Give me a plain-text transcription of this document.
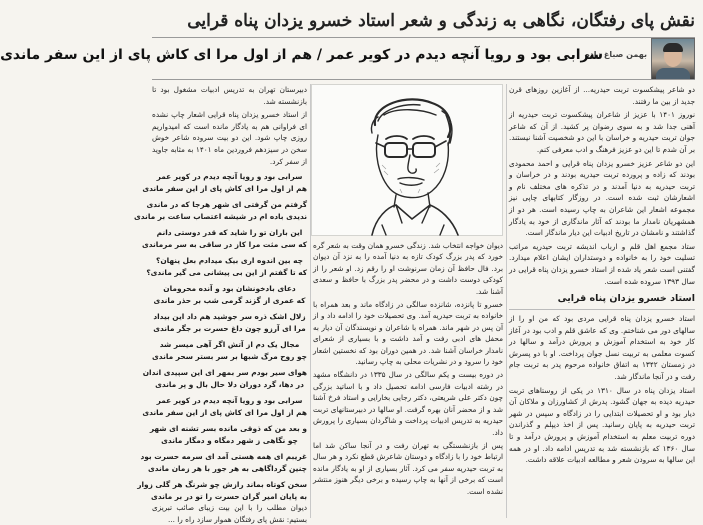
نقش پای رفتگان، نگاهی به زندگی و شعر استاد خسرو یزدان پناه قرایی
بهمن صباغ زاده
سرابی بود و رویا آنچه دیدم در کویر عمر / هم از اول مرا ای کاش پای از این سفر ماندی

دو شاعر پیشکسوت تربت حیدریه... از آغازین روزهای قرن جدید از بین ما رفتند.

نوروز ۱۴۰۱ با عزیز از شاعران پیشکسوت تربت حیدریه از آهنی جدا شد و به سوی رضوان پر کشید. از آن که شاعر جوان تربت حیدریه و خراسان با این دو شخصیت آشنا نیستند. بر آن شدم تا این دو عزیز فرهنگ و ادب معرفی کنم.

این دو شاعر عزیز خسرو یزدان پناه قرایی و احمد محمودی بودند که زاده و پرورده تربت حیدریه بودند و در خراسان و تربت حیدریه به دنیا آمدند و در تذکره های مختلف نام و اشعارشان ثبت شده است. در روزگار کتابهای چاپی نیز مجموعه اشعار این شاعران به چاپ رسیده است. هر دو از همشهریان نامدار ما بودند که آثار ماندگاری از خود به یادگار گذاشتند و نامشان در تاریخ ادبیات این دیار ماندگار است.

ستاد مجمع اهل قلم و ارباب اندیشه تربت حیدریه مراتب تسلیت خود را به خانواده و دوستداران ایشان اعلام میدارد. گفتنی است شعر یاد شده از استاد خسرو یزدان پناه قرایی در سال ۱۳۹۳ سروده شده است.

استاد خسرو یزدان پناه قرایی

استاد خسرو یزدان پناه قرایی مردی بود که من او را از سالهای دور می شناختم. وی که عاشق قلم و ادب بود در آغاز کار خود به استخدام آموزش و پرورش درآمد و سالها در کسوت معلمی به تربیت نسل جوان پرداخت. او با دو پسرش در زمستان ۱۳۴۲ به اتفاق خانواده مرحوم پدر به تربت جام رفت و در آنجا ماندگار شد.

استاد یزدان پناه در سال ۱۳۱۰ در یکی از روستاهای تربت حیدریه دیده به جهان گشود. پدرش از کشاورزان و ملاکان آن دیار بود و او تحصیلات ابتدایی را در زادگاه و سپس در شهر تربت حیدریه به پایان رسانید. پس از اخذ دیپلم و گذراندن دوره تربیت معلم به استخدام آموزش و پرورش درآمد و تا سال ۱۳۶۰ که بازنشسته شد به تدریس ادامه داد. او در همه این سالها به سرودن شعر و مطالعه ادبیات علاقه داشت.

دیوان خواجه انتخاب شد. زندگی خسرو همان وقت به شعر گره خورد که پدر بزرگ کودک تازه به دنیا آمده را به نزد آن دیوان برد. فال حافظ آن زمان سرنوشت او را رقم زد. او شعر را از کودکی دوست داشت و در محضر پدر بزرگ با حافظ و سعدی آشنا شد.

خسرو تا پانزده، شانزده سالگی در زادگاه ماند و بعد همراه با خانواده به تربت حیدریه آمد. وی تحصیلات خود را ادامه داد و از آن پس در شهر ماند. همراه با شاعران و نویسندگان آن دیار به محفل های ادبی رفت و آمد داشت و با بسیاری از شعرای نامدار خراسان آشنا شد. در همین دوران بود که نخستین اشعار خود را سرود و در نشریات محلی به چاپ رسانید.

در دوره بیست و یکم سالگی در سال ۱۳۳۵ در دانشگاه مشهد در رشته ادبیات فارسی ادامه تحصیل داد و با اساتید بزرگی چون دکتر علی شریعتی، دکتر رجایی بخارایی و استاد فرخ آشنا شد و از محضر آنان بهره گرفت. او سالها در دبیرستانهای تربت حیدریه به تدریس ادبیات پرداخت و شاگردان بسیاری را پرورش داد.

پس از بازنشستگی به تهران رفت و در آنجا ساکن شد اما ارتباط خود را با زادگاه و دوستان شاعرش قطع نکرد و هر سال به تربت حیدریه سفر می کرد. آثار بسیاری از او به یادگار مانده است که برخی از آنها به چاپ رسیده و برخی دیگر هنوز منتشر نشده است.

دبیرستان تهران به تدریس ادبیات مشغول بود تا بازنشسته شد.

از استاد خسرو یزدان پناه قرایی اشعار چاپ نشده ای فراوانی هم به یادگار مانده است که امیدواریم روزی چاپ شود. این دو بیت سروده شاعر خوش سخن در سیزدهم فروردین ماه ۱۴۰۱ به مثابه جاوید از سفر کرد.

سرابی بود و رویا آنچه دیدم در کویر عمر
هم از اول مرا ای کاش پای از این سفر ماندی
گرفتم من گرفتی ای شهر هرجا که در ماندی
ندیدی باده ام در شیشه اعتصاب ساعت بر ماندی
این باران تو را شاید که قدر دوستی دانم
که سی مثت مرا کاز در ساقی به سر مرماندی
چه بین اندوه اری بیک میدادم بعل ینهان؟
که تا گفتم از این بی پیشانی می گیر ماندی؟
دعای بادخونشان بود و آنده محرومان
که عمری از گزند گرمی شب بر حذر ماندی
زلال اشک ذره سر جوشید هم داد این بیداد
مرا ای آرزو چون داغ حسرت بر جگر ماندی
مجال یک دم از آتش اگر آهی میسر شد
چو روح مرگ شبها بر سر بستر سحر ماندی
هوای سیر بودم سر بمهر ای این سپیدی اندان
در دها، گرد دوران دلا حال بال و پر ماندی
سرابی بود و رویا آنچه دیدم در کویر عمر
هم از اول مرا ای کاش پای از این سفر ماندی
و بعد من که ذوقی مانده بسر تشنه ای شهر
چو نگاهی ز شهر دمگاه و دمگار ماندی
غریبم ای همه هستی آمد ای سرمه حسرت بود
چنین گرداگاهی به هر جور با هر زمان ماندی
سخن کوتاه بماند رازش چو شرنگ هر گلی زوار
به پایان امیر گران حسرت را تو در بر ماندی

دیوان مطلب را با این بیت زیبای صائب تبریزی بستیم: نقش پای رفتگان هموار سازد راه را ...
